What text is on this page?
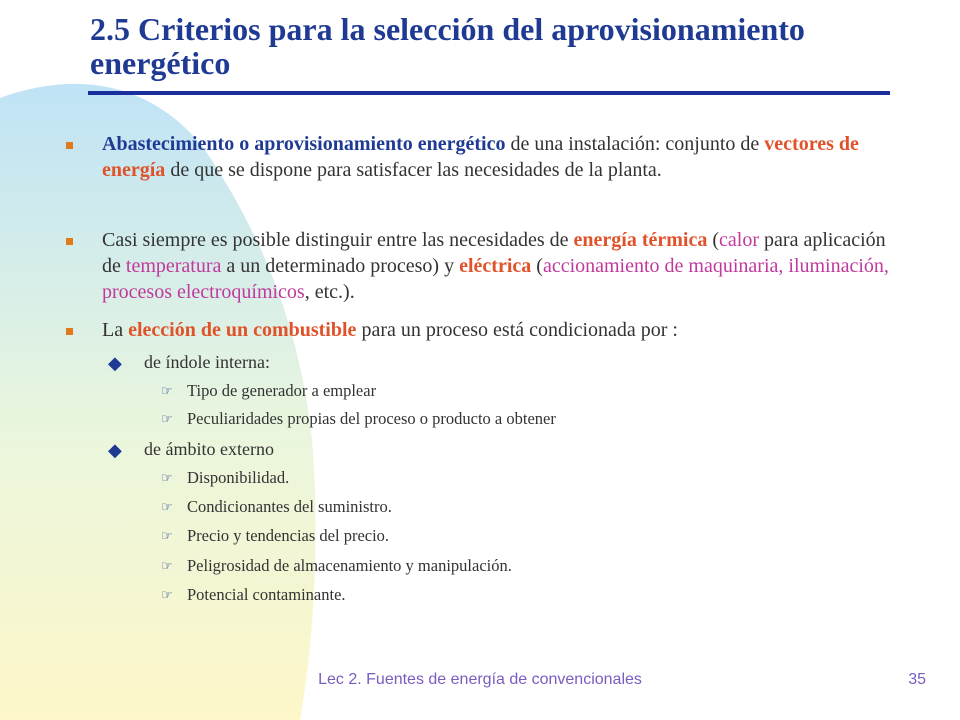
2.5 Criterios para la selección del aprovisionamiento energético
Abastecimiento o aprovisionamiento energético de una instalación: conjunto de vectores de energía de que se dispone para satisfacer las necesidades de la planta.
Casi siempre es posible distinguir entre las necesidades de energía térmica (calor para aplicación de temperatura a un determinado proceso) y eléctrica (accionamiento de maquinaria, iluminación, procesos electroquímicos, etc.).
La elección de un combustible para un proceso está condicionada por :
◆ de índole interna:
☞ Tipo de generador a emplear
☞ Peculiaridades propias del proceso o producto a obtener
◆ de ámbito externo
☞ Disponibilidad.
☞ Condicionantes del suministro.
☞ Precio y tendencias del precio.
☞ Peligrosidad de almacenamiento y manipulación.
☞ Potencial contaminante.
Lec 2. Fuentes de energía de convencionales	35
